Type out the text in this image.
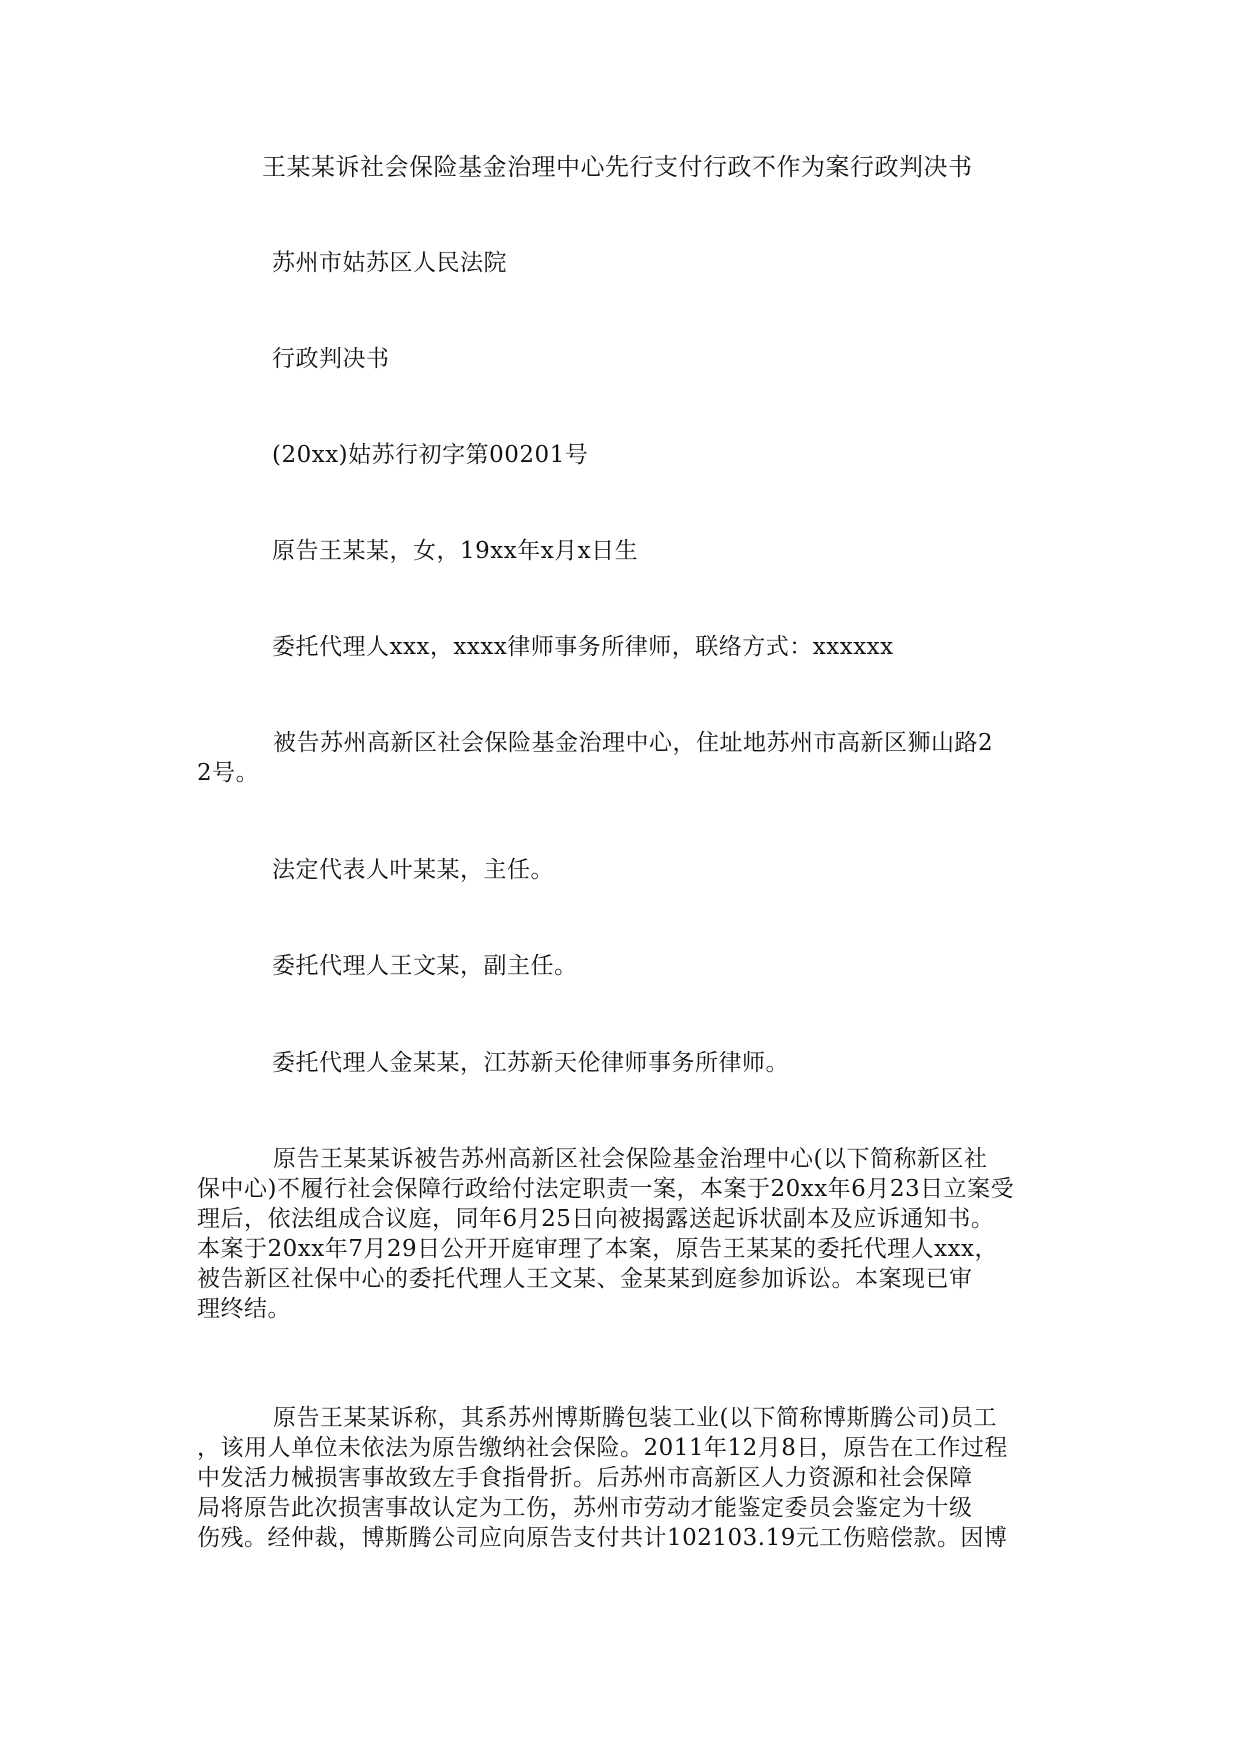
王某某诉社会保险基金治理中心先行支付行政不作为案行政判决书
苏州市姑苏区人民法院
行政判决书
(20xx)姑苏行初字第00201号
原告王某某，女，19xx年x月x日生
委托代理人xxx，xxxx律师事务所律师，联络方式：xxxxxx
被告苏州高新区社会保险基金治理中心，住址地苏州市高新区狮山路2
2号。
法定代表人叶某某，主任。
委托代理人王文某，副主任。
委托代理人金某某，江苏新天伦律师事务所律师。
原告王某某诉被告苏州高新区社会保险基金治理中心(以下简称新区社
保中心)不履行社会保障行政给付法定职责一案，本案于20xx年6月23日立案受
理后，依法组成合议庭，同年6月25日向被揭露送起诉状副本及应诉通知书。
本案于20xx年7月29日公开开庭审理了本案，原告王某某的委托代理人xxx，
被告新区社保中心的委托代理人王文某、金某某到庭参加诉讼。本案现已审
理终结。
原告王某某诉称，其系苏州博斯腾包装工业(以下简称博斯腾公司)员工
，该用人单位未依法为原告缴纳社会保险。2011年12月8日，原告在工作过程
中发活力械损害事故致左手食指骨折。后苏州市高新区人力资源和社会保障
局将原告此次损害事故认定为工伤，苏州市劳动才能鉴定委员会鉴定为十级
伤残。经仲裁，博斯腾公司应向原告支付共计102103.19元工伤赔偿款。因博
